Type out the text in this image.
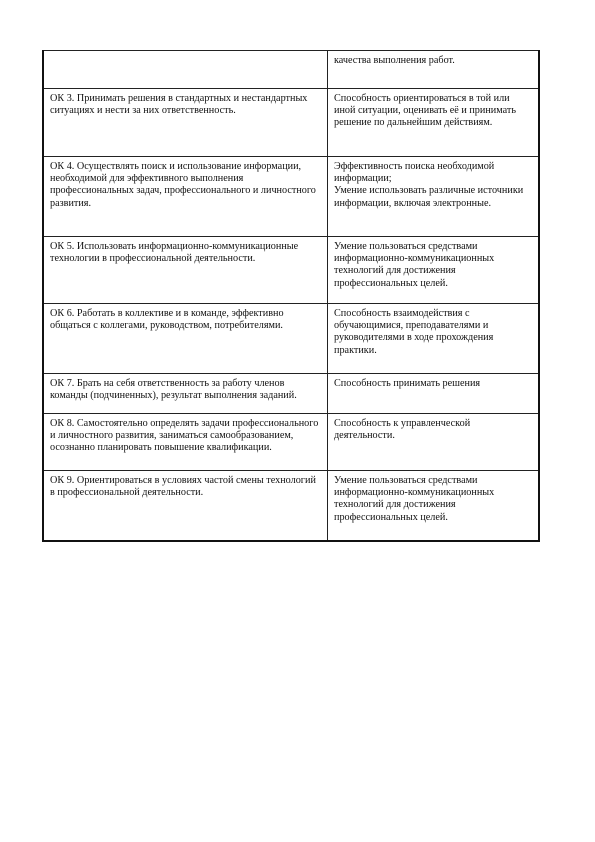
	качества выполнения работ.
ОК 3. Принимать решения в стандартных и нестандартных ситуациях и нести за них ответственность.	Способность ориентироваться в той или иной ситуации, оценивать её и принимать решение по дальнейшим действиям.
ОК 4. Осуществлять поиск и использование информации, необходимой для эффективного выполнения профессиональных задач, профессионального и личностного развития.	Эффективность поиска необходимой информации;
Умение использовать различные источники информации, включая электронные.

ОК 5. Использовать информационно-коммуникационные технологии в профессиональной деятельности.	Умение пользоваться средствами информационно-коммуникационных технологий для достижения профессиональных целей.
ОК 6. Работать в коллективе и в команде, эффективно общаться с коллегами, руководством, потребителями.	Способность взаимодействия с обучающимися, преподавателями и руководителями в ходе прохождения практики.
ОК 7. Брать на себя ответственность за работу членов команды (подчиненных), результат выполнения заданий.	Способность принимать решения
ОК 8. Самостоятельно определять задачи профессионального и личностного развития, заниматься самообразованием, осознанно планировать повышение квалификации.	Способность к управленческой деятельности.
ОК 9. Ориентироваться в условиях частой смены технологий в профессиональной деятельности.	Умение пользоваться средствами информационно-коммуникационных технологий для достижения профессиональных целей.
